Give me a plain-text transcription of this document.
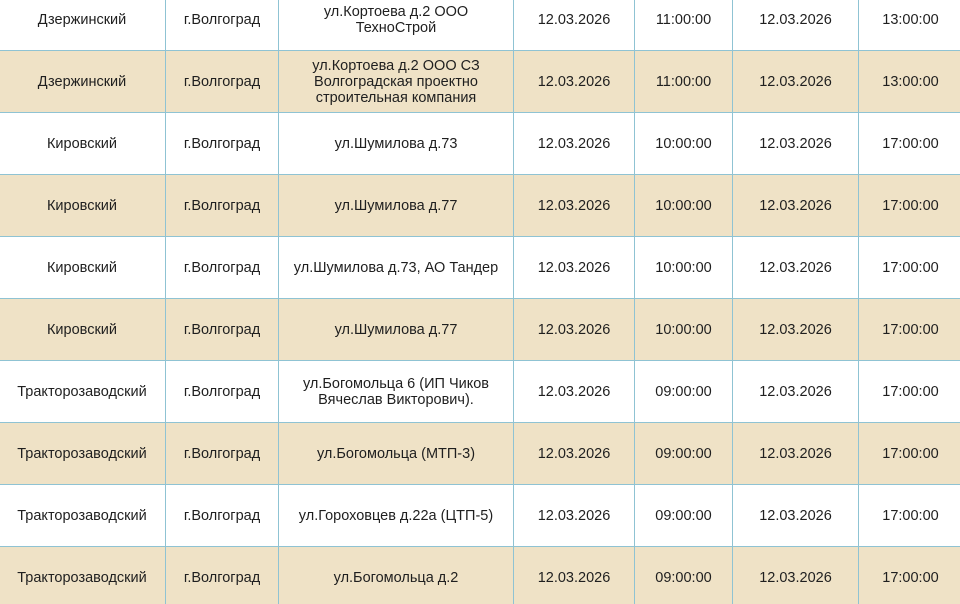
Дзержинский	г.Волгоград	ул.Кортоева д.2 ООО ТехноСтрой	12.03.2026	11:00:00	12.03.2026	13:00:00
Дзержинский	г.Волгоград	ул.Кортоева д.2 ООО СЗ Волгоградская проектно строительная компания	12.03.2026	11:00:00	12.03.2026	13:00:00
Кировский	г.Волгоград	ул.Шумилова д.73	12.03.2026	10:00:00	12.03.2026	17:00:00
Кировский	г.Волгоград	ул.Шумилова д.77	12.03.2026	10:00:00	12.03.2026	17:00:00
Кировский	г.Волгоград	ул.Шумилова д.73, АО Тандер	12.03.2026	10:00:00	12.03.2026	17:00:00
Кировский	г.Волгоград	ул.Шумилова д.77	12.03.2026	10:00:00	12.03.2026	17:00:00
Тракторозаводский	г.Волгоград	ул.Богомольца 6 (ИП Чиков Вячеслав Викторович).	12.03.2026	09:00:00	12.03.2026	17:00:00
Тракторозаводский	г.Волгоград	ул.Богомольца (МТП-3)	12.03.2026	09:00:00	12.03.2026	17:00:00
Тракторозаводский	г.Волгоград	ул.Гороховцев д.22а (ЦТП-5)	12.03.2026	09:00:00	12.03.2026	17:00:00
Тракторозаводский	г.Волгоград	ул.Богомольца д.2	12.03.2026	09:00:00	12.03.2026	17:00:00
